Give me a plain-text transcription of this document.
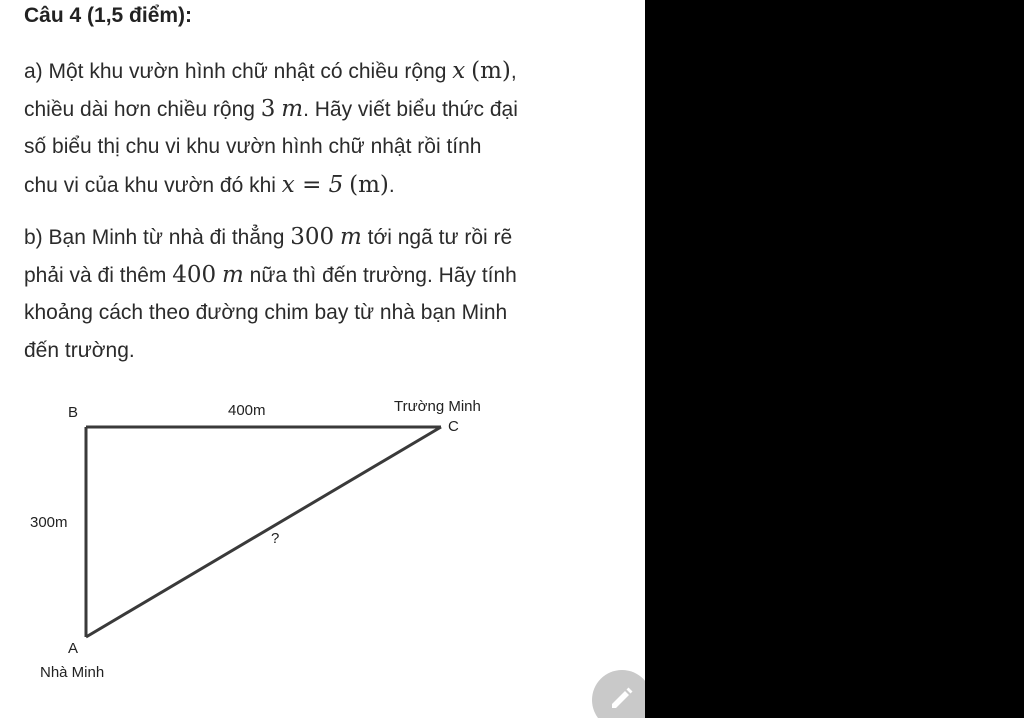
Câu 4 (1,5 điểm):
a) Một khu vườn hình chữ nhật có chiều rộng x (m),
chiều dài hơn chiều rộng 3 m. Hãy viết biểu thức đại
số biểu thị chu vi khu vườn hình chữ nhật rồi tính
chu vi của khu vườn đó khi x = 5 (m).
b) Bạn Minh từ nhà đi thẳng 300 m tới ngã tư rồi rẽ
phải và đi thêm 400 m nữa thì đến trường. Hãy tính
khoảng cách theo đường chim bay từ nhà bạn Minh
đến trường.
B	400m	Trường Minh
C
300m
?
A
Nhà Minh
